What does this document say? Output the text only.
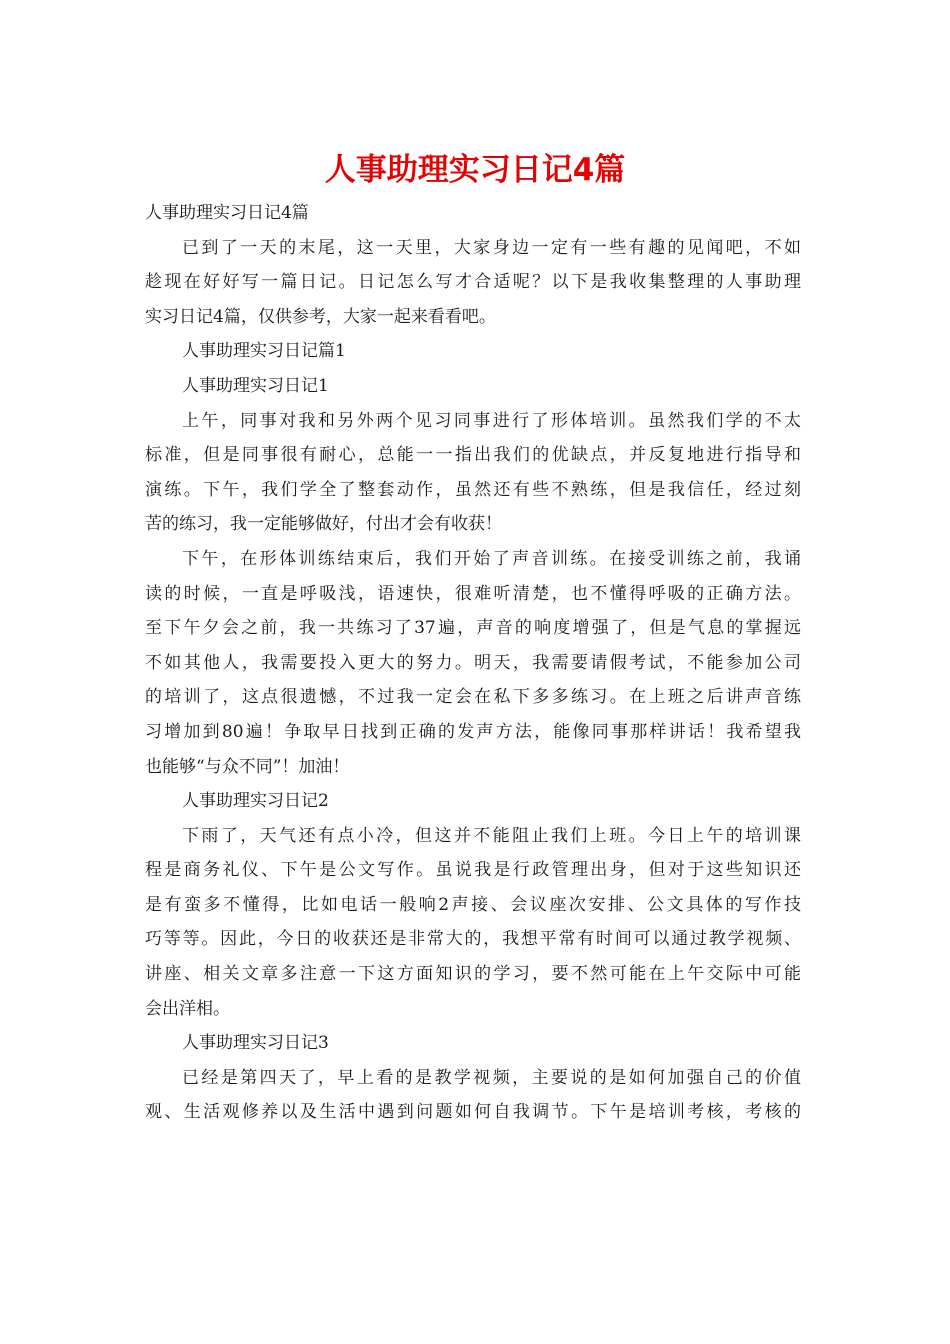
人事助理实习日记4篇
人事助理实习日记4篇
已到了一天的末尾，这一天里，大家身边一定有一些有趣的见闻吧，不如
趁现在好好写一篇日记。日记怎么写才合适呢？以下是我收集整理的人事助理
实习日记4篇，仅供参考，大家一起来看看吧。
人事助理实习日记篇1
人事助理实习日记1
上午，同事对我和另外两个见习同事进行了形体培训。虽然我们学的不太
标准，但是同事很有耐心，总能一一指出我们的优缺点，并反复地进行指导和
演练。下午，我们学全了整套动作，虽然还有些不熟练，但是我信任，经过刻
苦的练习，我一定能够做好，付出才会有收获！
下午，在形体训练结束后，我们开始了声音训练。在接受训练之前，我诵
读的时候，一直是呼吸浅，语速快，很难听清楚，也不懂得呼吸的正确方法。
至下午夕会之前，我一共练习了37遍，声音的响度增强了，但是气息的掌握远
不如其他人，我需要投入更大的努力。明天，我需要请假考试，不能参加公司
的培训了，这点很遗憾，不过我一定会在私下多多练习。在上班之后讲声音练
习增加到80遍！争取早日找到正确的发声方法，能像同事那样讲话！我希望我
也能够“与众不同”！加油！
人事助理实习日记2
下雨了，天气还有点小冷，但这并不能阻止我们上班。今日上午的培训课
程是商务礼仪、下午是公文写作。虽说我是行政管理出身，但对于这些知识还
是有蛮多不懂得，比如电话一般响2声接、会议座次安排、公文具体的写作技
巧等等。因此，今日的收获还是非常大的，我想平常有时间可以通过教学视频、
讲座、相关文章多注意一下这方面知识的学习，要不然可能在上午交际中可能
会出洋相。
人事助理实习日记3
已经是第四天了，早上看的是教学视频，主要说的是如何加强自己的价值
观、生活观修养以及生活中遇到问题如何自我调节。下午是培训考核，考核的
